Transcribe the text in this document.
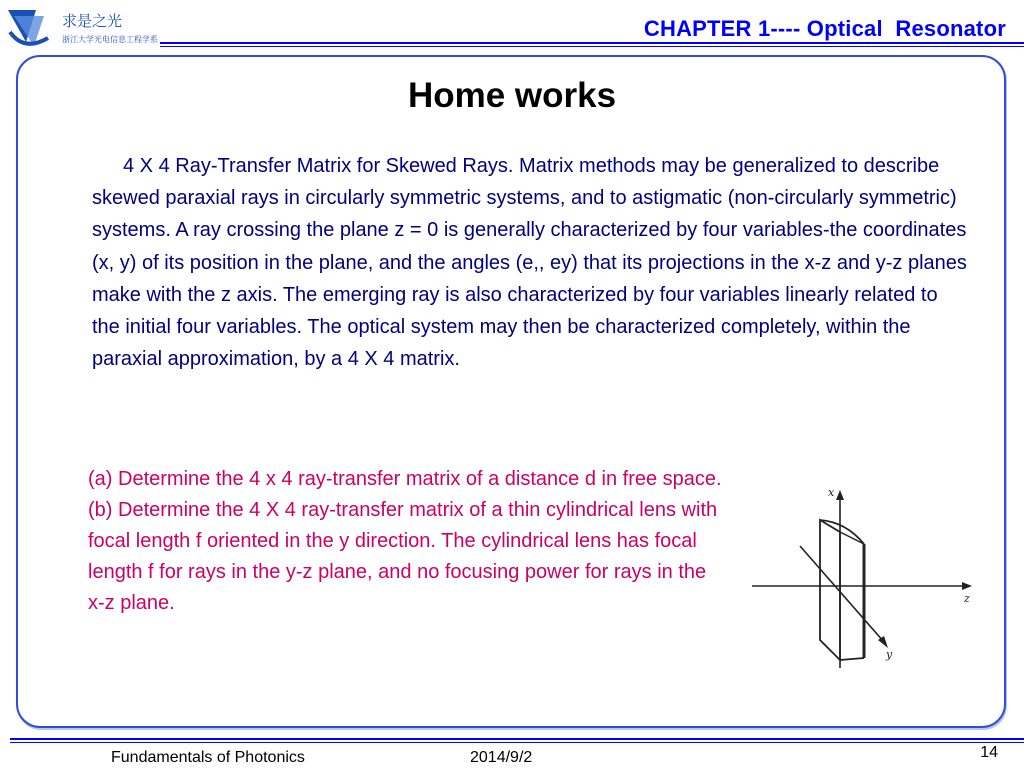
求是之光
浙江大学光电信息工程学系	CHAPTER 1---- Optical  Resonator
Home works
4 X 4 Ray-Transfer Matrix for Skewed Rays. Matrix methods may be generalized to describe skewed paraxial rays in circularly symmetric systems, and to astigmatic (non-circularly symmetric) systems. A ray crossing the plane z = 0 is generally characterized by four variables-the coordinates (x, y) of its position in the plane, and the angles (e,, ey) that its projections in the x-z and y-z planes make with the z axis. The emerging ray is also characterized by four variables linearly related to the initial four variables. The optical system may then be characterized completely, within the paraxial approximation, by a 4 X 4 matrix.

(a) Determine the 4 x 4 ray-transfer matrix of a distance d in free space.

(b) Determine the 4 X 4 ray-transfer matrix of a thin cylindrical lens with focal length f oriented in the y direction. The cylindrical lens has focal length f for rays in the y-z plane, and no focusing power for rays in the x-z plane.	z
x
y
Fundamentals of Photonics	2014/9/2	14
